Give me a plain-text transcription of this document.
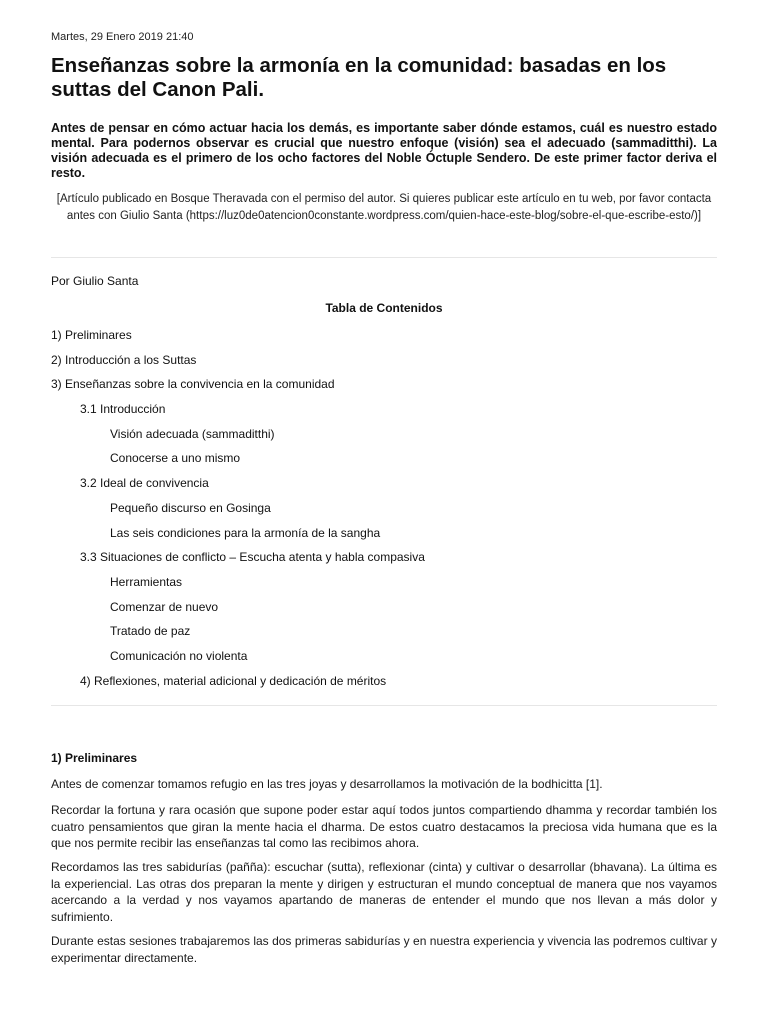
Martes, 29 Enero 2019 21:40
Enseñanzas sobre la armonía en la comunidad: basadas en los suttas del Canon Pali.

Antes de pensar en cómo actuar hacia los demás, es importante saber dónde estamos, cuál es nuestro estado mental. Para podernos observar es crucial que nuestro enfoque (visión) sea el adecuado (sammaditthi). La visión adecuada es el primero de los ocho factores del Noble Óctuple Sendero. De este primer factor deriva el resto.

[Artículo publicado en Bosque Theravada con el permiso del autor. Si quieres publicar este artículo en tu web, por favor contacta antes con Giulio Santa (https://luz0de0atencion0constante.wordpress.com/quien-hace-este-blog/sobre-el-que-escribe-esto/)]

Por Giulio Santa
Tabla de Contenidos
1) Preliminares
2) Introducción a los Suttas
3) Enseñanzas sobre la convivencia en la comunidad
3.1 Introducción
Visión adecuada (sammaditthi)
Conocerse a uno mismo
3.2 Ideal de convivencia
Pequeño discurso en Gosinga
Las seis condiciones para la armonía de la sangha
3.3 Situaciones de conflicto – Escucha atenta y habla compasiva
Herramientas
Comenzar de nuevo
Tratado de paz
Comunicación no violenta
4) Reflexiones, material adicional y dedicación de méritos
1) Preliminares

Antes de comenzar tomamos refugio en las tres joyas y desarrollamos la motivación de la bodhicitta [1].

Recordar la fortuna y rara ocasión que supone poder estar aquí todos juntos compartiendo dhamma y recordar también los cuatro pensamientos que giran la mente hacia el dharma. De estos cuatro destacamos la preciosa vida humana que es la que nos permite recibir las enseñanzas tal como las recibimos ahora.

Recordamos las tres sabidurías (pañña): escuchar (sutta), reflexionar (cinta) y cultivar o desarrollar (bhavana). La última es la experiencial. Las otras dos preparan la mente y dirigen y estructuran el mundo conceptual de manera que nos vayamos acercando a la verdad y nos vayamos apartando de maneras de entender el mundo que nos llevan a más dolor y sufrimiento.

Durante estas sesiones trabajaremos las dos primeras sabidurías y en nuestra experiencia y vivencia las podremos cultivar y experimentar directamente.
